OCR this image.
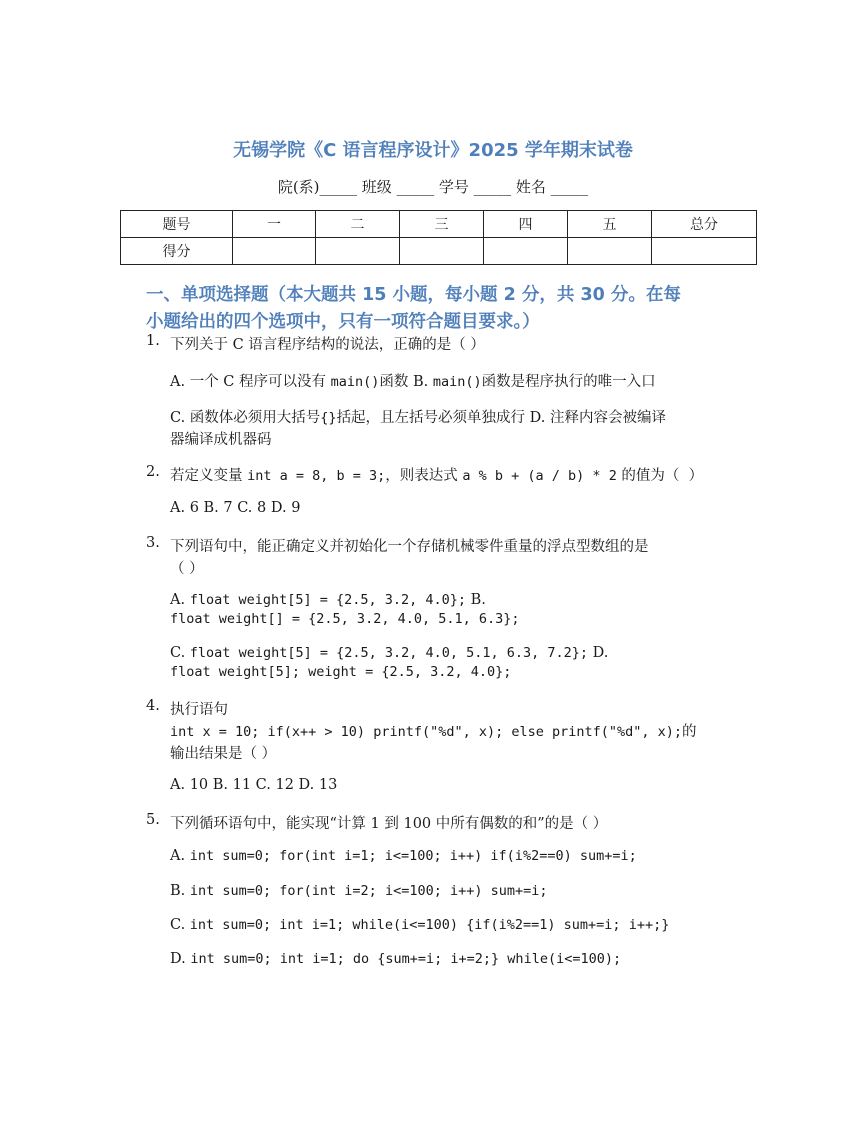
无锡学院《C 语言程序设计》2025 学年期末试卷
院(系)_____ 班级 _____ 学号 _____ 姓名 _____
题号	一	二	三	四	五	总分
得分						
一、单项选择题（本大题共 15 小题，每小题 2 分，共 30 分。在每
小题给出的四个选项中，只有一项符合题目要求。）
1.
2.
3.
4.
5.
下列关于 C 语言程序结构的说法，正确的是（ ）
A. 一个 C 程序可以没有 main()函数 B. main()函数是程序执行的唯一入口
C. 函数体必须用大括号{}括起，且左括号必须单独成行 D. 注释内容会被编译
器编译成机器码
若定义变量 int a = 8, b = 3;，则表达式 a % b + (a / b) * 2 的值为（  ）
A. 6 B. 7 C. 8 D. 9
下列语句中，能正确定义并初始化一个存储机械零件重量的浮点型数组的是
（ ）
A. float weight[5] = {2.5, 3.2, 4.0}; B.
float weight[] = {2.5, 3.2, 4.0, 5.1, 6.3};
C. float weight[5] = {2.5, 3.2, 4.0, 5.1, 6.3, 7.2}; D.
float weight[5]; weight = {2.5, 3.2, 4.0};
执行语句
int x = 10; if(x++ > 10) printf("%d", x); else printf("%d", x);的
输出结果是（ ）
A. 10 B. 11 C. 12 D. 13
下列循环语句中，能实现“计算 1 到 100 中所有偶数的和”的是（ ）
A. int sum=0; for(int i=1; i<=100; i++) if(i%2==0) sum+=i;
B. int sum=0; for(int i=2; i<=100; i++) sum+=i;
C. int sum=0; int i=1; while(i<=100) {if(i%2==1) sum+=i; i++;}
D. int sum=0; int i=1; do {sum+=i; i+=2;} while(i<=100);
